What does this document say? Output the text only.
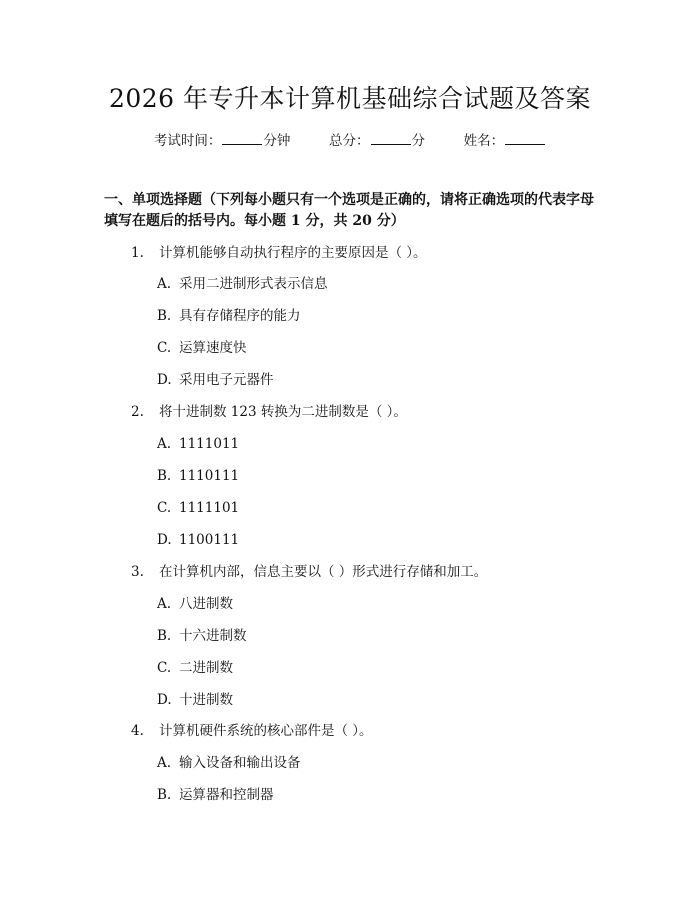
2026 年专升本计算机基础综合试题及答案
考试时间：	分钟	总分：	分	姓名：
一、单项选择题（下列每小题只有一个选项是正确的，请将正确选项的代表字母填写在题后的括号内。每小题 1 分，共 20 分）
1. 计算机能够自动执行程序的主要原因是（ ）。
A. 采用二进制形式表示信息
B. 具有存储程序的能力
C. 运算速度快
D. 采用电子元器件
2. 将十进制数 123 转换为二进制数是（ ）。
A. 1111011
B. 1110111
C. 1111101
D. 1100111
3. 在计算机内部，信息主要以（ ）形式进行存储和加工。
A. 八进制数
B. 十六进制数
C. 二进制数
D. 十进制数
4. 计算机硬件系统的核心部件是（ ）。
A. 输入设备和输出设备
B. 运算器和控制器
